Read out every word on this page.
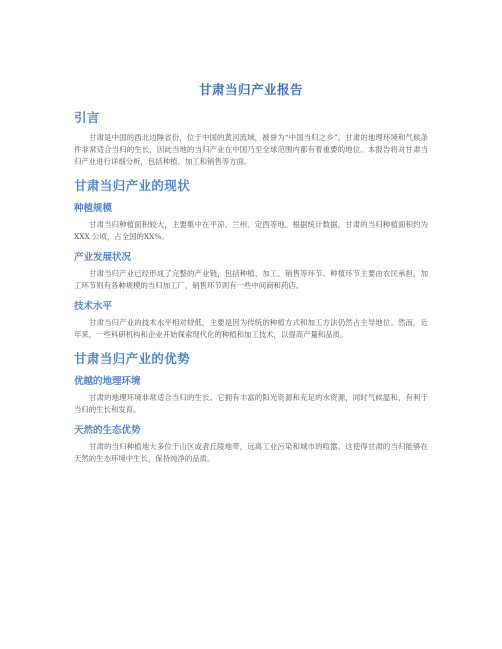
甘肃当归产业报告
引言

甘肃是中国的西北边陲省份，位于中国的黄河流域，被誉为“中国当归之乡”。甘肃的地理环境和气候条件非常适合当归的生长，因此当地的当归产业在中国乃至全球范围内都有着重要的地位。本报告将对甘肃当归产业进行详细分析，包括种植、加工和销售等方面。

甘肃当归产业的现状
种植规模

甘肃当归种植面积较大，主要集中在平凉、兰州、定西等地。根据统计数据，甘肃的当归种植面积约为XXX 公顷，占全国的XX%。

产业发展状况

甘肃当归产业已经形成了完整的产业链，包括种植、加工、销售等环节。种植环节主要由农民承担，加工环节则有各种规模的当归加工厂，销售环节则有一些中间商和药店。

技术水平

甘肃当归产业的技术水平相对较低，主要是因为传统的种植方式和加工方法仍然占主导地位。然而，近年来，一些科研机构和企业开始探索现代化的种植和加工技术，以提高产量和品质。

甘肃当归产业的优势
优越的地理环境

甘肃的地理环境非常适合当归的生长。它拥有丰富的阳光资源和充足的水资源，同时气候温和，有利于当归的生长和发育。

天然的生态优势

甘肃的当归种植地大多位于山区或者丘陵地带，远离工业污染和城市的喧嚣。这使得甘肃的当归能够在天然的生态环境中生长，保持纯净的品质。
